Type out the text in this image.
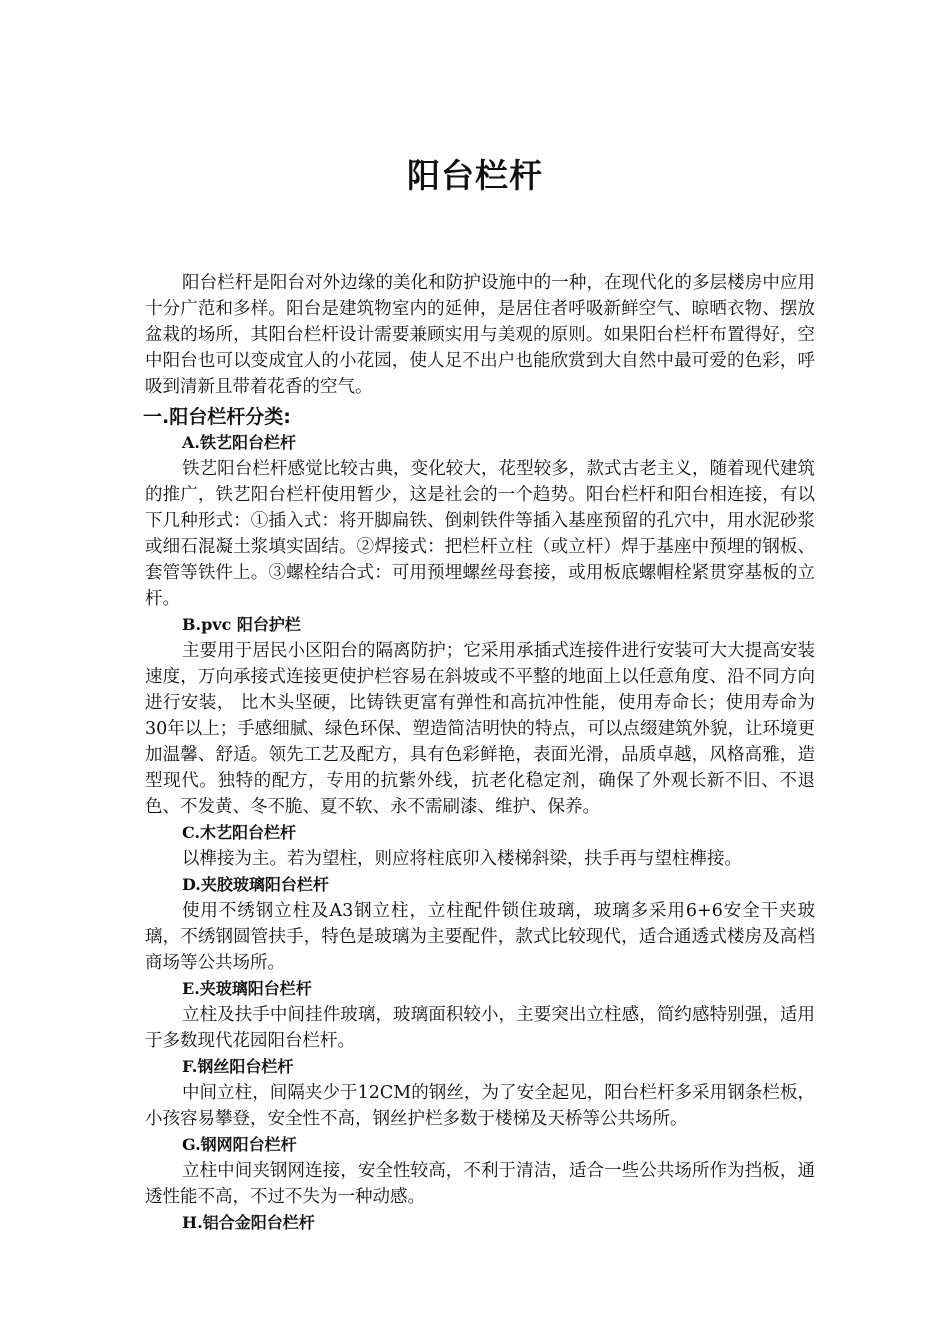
阳台栏杆

阳台栏杆是阳台对外边缘的美化和防护设施中的一种，在现代化的多层楼房中应用十分广范和多样。阳台是建筑物室内的延伸，是居住者呼吸新鲜空气、晾晒衣物、摆放盆栽的场所，其阳台栏杆设计需要兼顾实用与美观的原则。如果阳台栏杆布置得好，空中阳台也可以变成宜人的小花园，使人足不出户也能欣赏到大自然中最可爱的色彩，呼吸到清新且带着花香的空气。

一.阳台栏杆分类:
A.铁艺阳台栏杆

铁艺阳台栏杆感觉比较古典，变化较大，花型较多，款式古老主义，随着现代建筑的推广，铁艺阳台栏杆使用暂少，这是社会的一个趋势。阳台栏杆和阳台相连接，有以下几种形式：①插入式：将开脚扁铁、倒刺铁件等插入基座预留的孔穴中，用水泥砂浆或细石混凝土浆填实固结。②焊接式：把栏杆立柱（或立杆）焊于基座中预埋的钢板、套管等铁件上。③螺栓结合式：可用预埋螺丝母套接，或用板底螺帽栓紧贯穿基板的立杆。

B.pvc 阳台护栏

主要用于居民小区阳台的隔离防护；它采用承插式连接件进行安装可大大提高安装速度，万向承接式连接更使护栏容易在斜坡或不平整的地面上以任意角度、沿不同方向进行安装， 比木头坚硬，比铸铁更富有弹性和高抗冲性能，使用寿命长；使用寿命为30年以上；手感细腻、绿色环保、塑造简洁明快的特点，可以点缀建筑外貌，让环境更加温馨、舒适。领先工艺及配方，具有色彩鲜艳，表面光滑，品质卓越，风格高雅，造型现代。独特的配方，专用的抗紫外线，抗老化稳定剂，确保了外观长新不旧、不退色、不发黄、冬不脆、夏不软、永不需刷漆、维护、保养。

C.木艺阳台栏杆

以榫接为主。若为望柱，则应将柱底卯入楼梯斜梁，扶手再与望柱榫接。

D.夹胶玻璃阳台栏杆

使用不绣钢立柱及A3钢立柱，立柱配件锁住玻璃，玻璃多采用6+6安全干夹玻璃，不绣钢圆管扶手，特色是玻璃为主要配件，款式比较现代，适合通透式楼房及高档商场等公共场所。

E.夹玻璃阳台栏杆

立柱及扶手中间挂件玻璃，玻璃面积较小，主要突出立柱感，简约感特别强，适用于多数现代花园阳台栏杆。

F.钢丝阳台栏杆

中间立柱，间隔夹少于12CM的钢丝，为了安全起见，阳台栏杆多采用钢条栏板，小孩容易攀登，安全性不高，钢丝护栏多数于楼梯及天桥等公共场所。

G.钢网阳台栏杆

立柱中间夹钢网连接，安全性较高，不利于清洁，适合一些公共场所作为挡板，通透性能不高，不过不失为一种动感。

H.铝合金阳台栏杆
